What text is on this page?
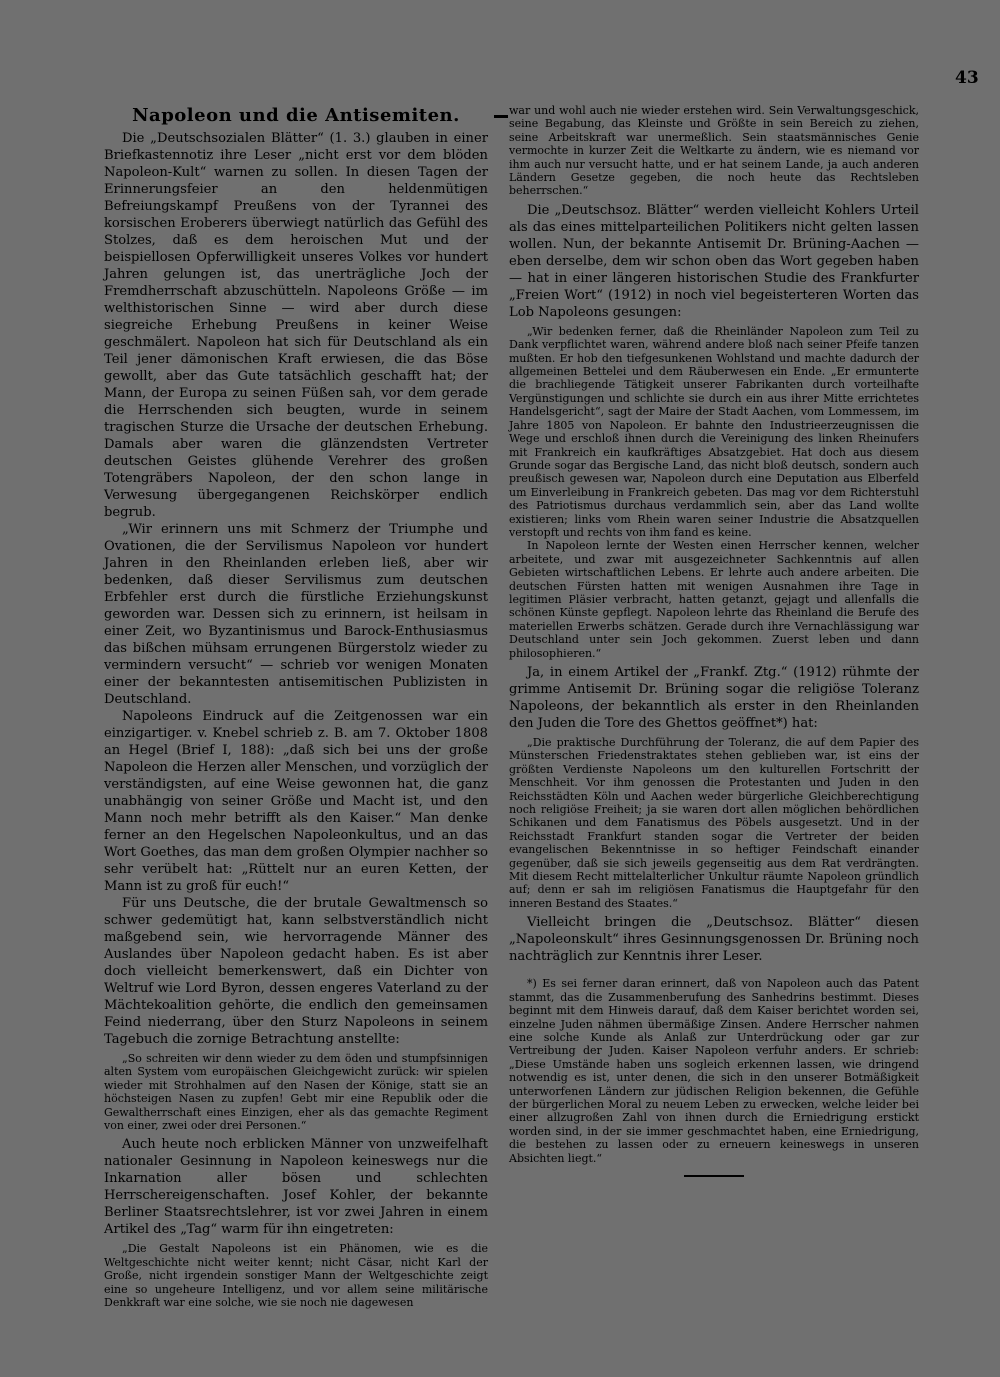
43
Napoleon und die Antisemiten.

Die „Deutschsozialen Blätter“ (1. 3.) glauben in einer Briefkastennotiz ihre Leser „nicht erst vor dem blöden Napoleon-Kult“ warnen zu sollen. In diesen Tagen der Erinnerungsfeier an den heldenmütigen Befreiungskampf Preußens von der Tyrannei des korsischen Eroberers überwiegt natürlich das Gefühl des Stolzes, daß es dem heroischen Mut und der beispiellosen Opferwilligkeit unseres Volkes vor hundert Jahren gelungen ist, das unerträgliche Joch der Fremdherrschaft abzuschütteln. Napoleons Größe — im welthistorischen Sinne — wird aber durch diese siegreiche Erhebung Preußens in keiner Weise geschmälert. Napoleon hat sich für Deutschland als ein Teil jener dämonischen Kraft erwiesen, die das Böse gewollt, aber das Gute tatsächlich geschafft hat; der Mann, der Europa zu seinen Füßen sah, vor dem gerade die Herrschenden sich beugten, wurde in seinem tragischen Sturze die Ursache der deutschen Erhebung. Damals aber waren die glänzendsten Vertreter deutschen Geistes glühende Verehrer des großen Totengräbers Napoleon, der den schon lange in Verwesung übergegangenen Reichskörper endlich begrub.

„Wir erinnern uns mit Schmerz der Triumphe und Ovationen, die der Servilismus Napoleon vor hundert Jahren in den Rheinlanden erleben ließ, aber wir bedenken, daß dieser Servilismus zum deutschen Erbfehler erst durch die fürstliche Erziehungskunst geworden war. Dessen sich zu erinnern, ist heilsam in einer Zeit, wo Byzantinismus und Barock-Enthusiasmus das bißchen mühsam errungenen Bürgerstolz wieder zu vermindern versucht“ — schrieb vor wenigen Monaten einer der bekanntesten antisemitischen Publizisten in Deutschland.

Napoleons Eindruck auf die Zeitgenossen war ein einzigartiger. v. Knebel schrieb z. B. am 7. Oktober 1808 an Hegel (Brief I, 188): „daß sich bei uns der große Napoleon die Herzen aller Menschen, und vorzüglich der verständigsten, auf eine Weise gewonnen hat, die ganz unabhängig von seiner Größe und Macht ist, und den Mann noch mehr betrifft als den Kaiser.“ Man denke ferner an den Hegelschen Napoleonkultus, und an das Wort Goethes, das man dem großen Olympier nachher so sehr verübelt hat: „Rüttelt nur an euren Ketten, der Mann ist zu groß für euch!“

Für uns Deutsche, die der brutale Gewaltmensch so schwer gedemütigt hat, kann selbstverständlich nicht maßgebend sein, wie hervorragende Männer des Auslandes über Napoleon gedacht haben. Es ist aber doch vielleicht bemerkenswert, daß ein Dichter von Weltruf wie Lord Byron, dessen engeres Vaterland zu der Mächtekoalition gehörte, die endlich den gemeinsamen Feind niederrang, über den Sturz Napoleons in seinem Tagebuch die zornige Betrachtung anstellte:

„So schreiten wir denn wieder zu dem öden und stumpfsinnigen alten System vom europäischen Gleichgewicht zurück: wir spielen wieder mit Strohhalmen auf den Nasen der Könige, statt sie an höchsteigen Nasen zu zupfen! Gebt mir eine Republik oder die Gewaltherrschaft eines Einzigen, eher als das gemachte Regiment von einer, zwei oder drei Personen.“

Auch heute noch erblicken Männer von unzweifelhaft nationaler Gesinnung in Napoleon keineswegs nur die Inkarnation aller bösen und schlechten Herrschereigenschaften. Josef Kohler, der bekannte Berliner Staatsrechtslehrer, ist vor zwei Jahren in einem Artikel des „Tag“ warm für ihn eingetreten:

„Die Gestalt Napoleons ist ein Phänomen, wie es die Weltgeschichte nicht weiter kennt; nicht Cäsar, nicht Karl der Große, nicht irgendein sonstiger Mann der Weltgeschichte zeigt eine so ungeheure Intelligenz, und vor allem seine militärische Denkkraft war eine solche, wie sie noch nie dagewesen

war und wohl auch nie wieder erstehen wird. Sein Verwaltungsgeschick, seine Begabung, das Kleinste und Größte in sein Bereich zu ziehen, seine Arbeitskraft war unermeßlich. Sein staatsmännisches Genie vermochte in kurzer Zeit die Weltkarte zu ändern, wie es niemand vor ihm auch nur versucht hatte, und er hat seinem Lande, ja auch anderen Ländern Gesetze gegeben, die noch heute das Rechtsleben beherrschen.“

Die „Deutschsoz. Blätter“ werden vielleicht Kohlers Urteil als das eines mittelparteilichen Politikers nicht gelten lassen wollen. Nun, der bekannte Antisemit Dr. Brüning-Aachen — eben derselbe, dem wir schon oben das Wort gegeben haben — hat in einer längeren historischen Studie des Frankfurter „Freien Wort“ (1912) in noch viel begeisterteren Worten das Lob Napoleons gesungen:

„Wir bedenken ferner, daß die Rheinländer Napoleon zum Teil zu Dank verpflichtet waren, während andere bloß nach seiner Pfeife tanzen mußten. Er hob den tiefgesunkenen Wohlstand und machte dadurch der allgemeinen Bettelei und dem Räuberwesen ein Ende. „Er ermunterte die brachliegende Tätigkeit unserer Fabrikanten durch vorteilhafte Vergünstigungen und schlichte sie durch ein aus ihrer Mitte errichtetes Handelsgericht“, sagt der Maire der Stadt Aachen, vom Lommessem, im Jahre 1805 von Napoleon. Er bahnte den Industrieerzeugnissen die Wege und erschloß ihnen durch die Vereinigung des linken Rheinufers mit Frankreich ein kaufkräftiges Absatzgebiet. Hat doch aus diesem Grunde sogar das Bergische Land, das nicht bloß deutsch, sondern auch preußisch gewesen war, Napoleon durch eine Deputation aus Elberfeld um Einverleibung in Frankreich gebeten. Das mag vor dem Richterstuhl des Patriotismus durchaus verdammlich sein, aber das Land wollte existieren; links vom Rhein waren seiner Industrie die Absatzquellen verstopft und rechts von ihm fand es keine.

In Napoleon lernte der Westen einen Herrscher kennen, welcher arbeitete, und zwar mit ausgezeichneter Sachkenntnis auf allen Gebieten wirtschaftlichen Lebens. Er lehrte auch andere arbeiten. Die deutschen Fürsten hatten mit wenigen Ausnahmen ihre Tage in legitimen Pläsier verbracht, hatten getanzt, gejagt und allenfalls die schönen Künste gepflegt. Napoleon lehrte das Rheinland die Berufe des materiellen Erwerbs schätzen. Gerade durch ihre Vernachlässigung war Deutschland unter sein Joch gekommen. Zuerst leben und dann philosophieren.“

Ja, in einem Artikel der „Frankf. Ztg.“ (1912) rühmte der grimme Antisemit Dr. Brüning sogar die religiöse Toleranz Napoleons, der bekanntlich als erster in den Rheinlanden den Juden die Tore des Ghettos geöffnet*) hat:

„Die praktische Durchführung der Toleranz, die auf dem Papier des Münsterschen Friedenstraktates stehen geblieben war, ist eins der größten Verdienste Napoleons um den kulturellen Fortschritt der Menschheit. Vor ihm genossen die Protestanten und Juden in den Reichsstädten Köln und Aachen weder bürgerliche Gleichberechtigung noch religiöse Freiheit; ja sie waren dort allen möglichen behördlichen Schikanen und dem Fanatismus des Pöbels ausgesetzt. Und in der Reichsstadt Frankfurt standen sogar die Vertreter der beiden evangelischen Bekenntnisse in so heftiger Feindschaft einander gegenüber, daß sie sich jeweils gegenseitig aus dem Rat verdrängten. Mit diesem Recht mittelalterlicher Unkultur räumte Napoleon gründlich auf; denn er sah im religiösen Fanatismus die Hauptgefahr für den inneren Bestand des Staates.“

Vielleicht bringen die „Deutschsoz. Blätter“ diesen „Napoleonskult“ ihres Gesinnungsgenossen Dr. Brüning noch nachträglich zur Kenntnis ihrer Leser.

*) Es sei ferner daran erinnert, daß von Napoleon auch das Patent stammt, das die Zusammenberufung des Sanhedrins bestimmt. Dieses beginnt mit dem Hinweis darauf, daß dem Kaiser berichtet worden sei, einzelne Juden nähmen übermäßige Zinsen. Andere Herrscher nahmen eine solche Kunde als Anlaß zur Unterdrückung oder gar zur Vertreibung der Juden. Kaiser Napoleon verfuhr anders. Er schrieb: „Diese Umstände haben uns sogleich erkennen lassen, wie dringend notwendig es ist, unter denen, die sich in den unserer Botmäßigkeit unterworfenen Ländern zur jüdischen Religion bekennen, die Gefühle der bürgerlichen Moral zu neuem Leben zu erwecken, welche leider bei einer allzugroßen Zahl von ihnen durch die Erniedrigung erstickt worden sind, in der sie immer geschmachtet haben, eine Erniedrigung, die bestehen zu lassen oder zu erneuern keineswegs in unseren Absichten liegt.“
